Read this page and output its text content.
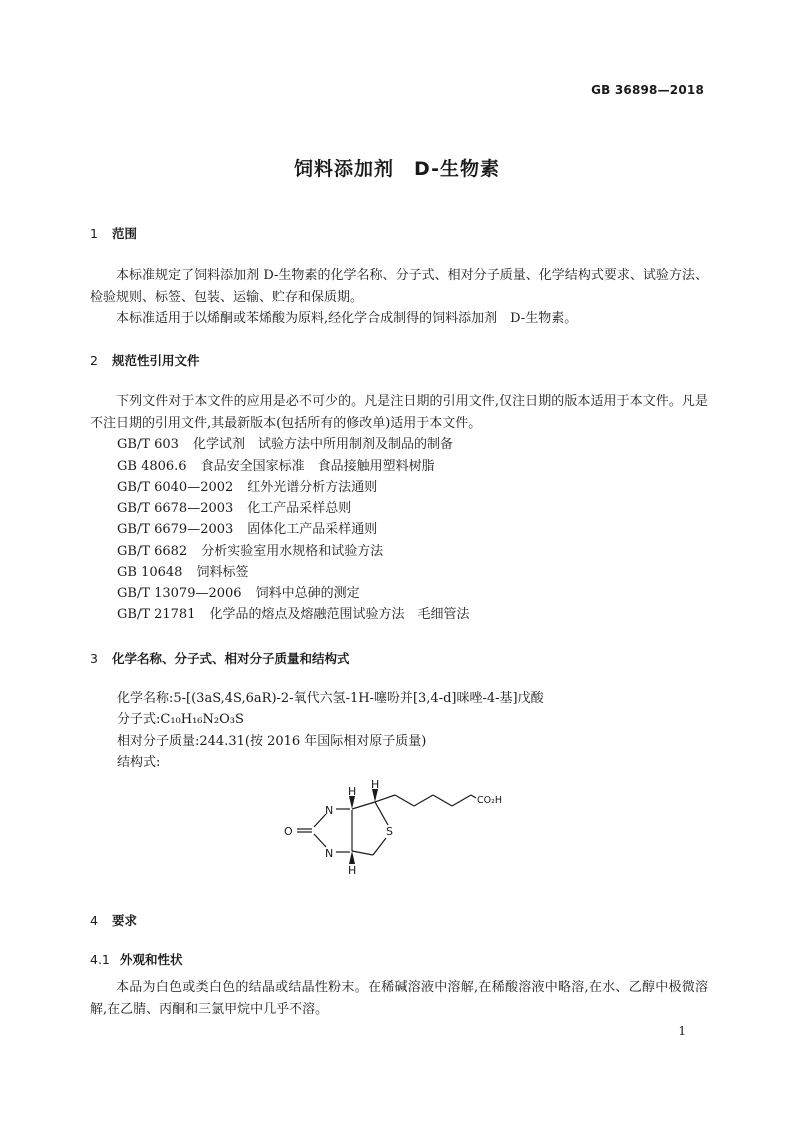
GB 36898—2018
饲料添加剂　D-生物素
1 范围
本标准规定了饲料添加剂 D-生物素的化学名称、分子式、相对分子质量、化学结构式要求、试验方法、检验规则、标签、包装、运输、贮存和保质期。
本标准适用于以烯酮或苯烯酸为原料,经化学合成制得的饲料添加剂　D-生物素。
2 规范性引用文件
下列文件对于本文件的应用是必不可少的。凡是注日期的引用文件,仅注日期的版本适用于本文件。凡是不注日期的引用文件,其最新版本(包括所有的修改单)适用于本文件。
GB/T 603 化学试剂　试验方法中所用制剂及制品的制备
GB 4806.6 食品安全国家标准　食品接触用塑料树脂
GB/T 6040—2002 红外光谱分析方法通则
GB/T 6678—2003 化工产品采样总则
GB/T 6679—2003 固体化工产品采样通则
GB/T 6682 分析实验室用水规格和试验方法
GB 10648 饲料标签
GB/T 13079—2006 饲料中总砷的测定
GB/T 21781 化学品的熔点及熔融范围试验方法　毛细管法
3 化学名称、分子式、相对分子质量和结构式
化学名称:5-[(3aS,4S,6aR)-2-氧代六氢-1H-噻吩并[3,4-d]咪唑-4-基]戊酸
分子式:C₁₀H₁₆N₂O₃S
相对分子质量:244.31(按 2016 年国际相对原子质量)
结构式:
O
N
N
H
H
H
S
CO₂H
4 要求
4.1 外观和性状
本品为白色或类白色的结晶或结晶性粉末。在稀碱溶液中溶解,在稀酸溶液中略溶,在水、乙醇中极微溶解,在乙腈、丙酮和三氯甲烷中几乎不溶。
1
